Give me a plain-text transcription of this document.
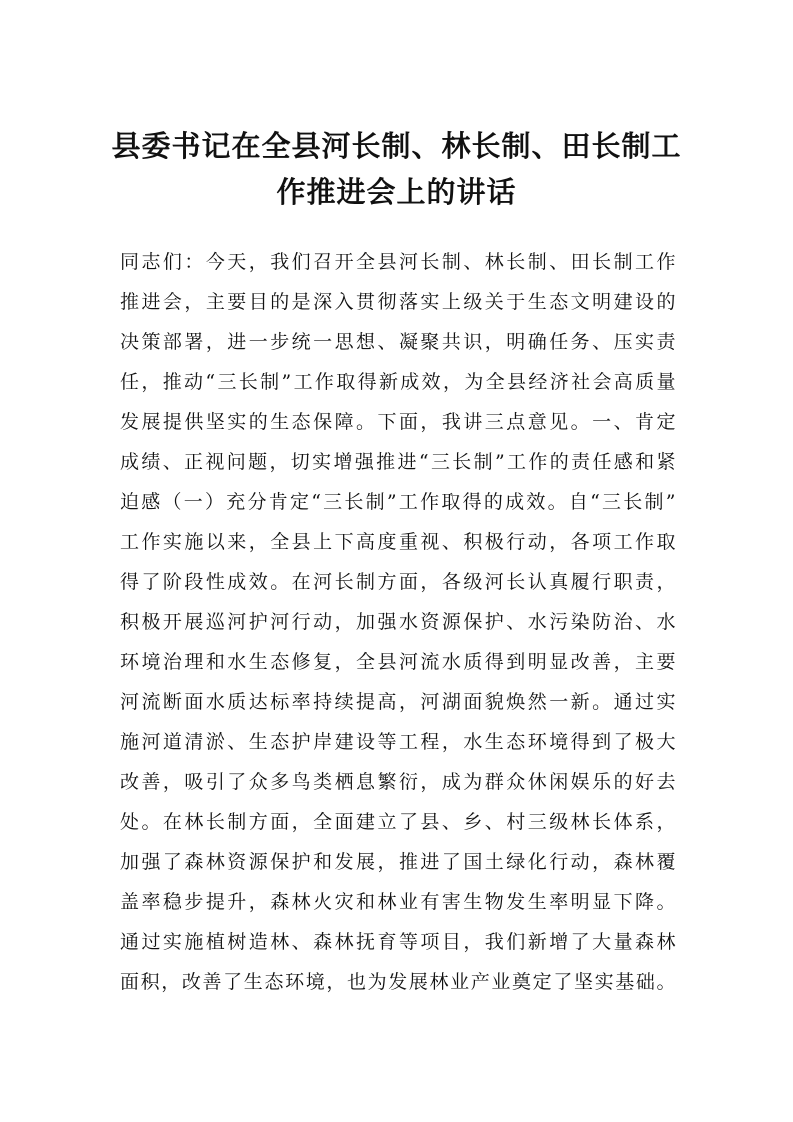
县委书记在全县河长制、林长制、田长制工
作推进会上的讲话
同志们：今天，我们召开全县河长制、林长制、田长制工作
推进会，主要目的是深入贯彻落实上级关于生态文明建设的
决策部署，进一步统一思想、凝聚共识，明确任务、压实责
任，推动“三长制”工作取得新成效，为全县经济社会高质量
发展提供坚实的生态保障。下面，我讲三点意见。一、肯定
成绩、正视问题，切实增强推进“三长制”工作的责任感和紧
迫感（一）充分肯定“三长制”工作取得的成效。自“三长制”
工作实施以来，全县上下高度重视、积极行动，各项工作取
得了阶段性成效。在河长制方面，各级河长认真履行职责，
积极开展巡河护河行动，加强水资源保护、水污染防治、水
环境治理和水生态修复，全县河流水质得到明显改善，主要
河流断面水质达标率持续提高，河湖面貌焕然一新。通过实
施河道清淤、生态护岸建设等工程，水生态环境得到了极大
改善，吸引了众多鸟类栖息繁衍，成为群众休闲娱乐的好去
处。在林长制方面，全面建立了县、乡、村三级林长体系，
加强了森林资源保护和发展，推进了国土绿化行动，森林覆
盖率稳步提升，森林火灾和林业有害生物发生率明显下降。
通过实施植树造林、森林抚育等项目，我们新增了大量森林
面积，改善了生态环境，也为发展林业产业奠定了坚实基础。
